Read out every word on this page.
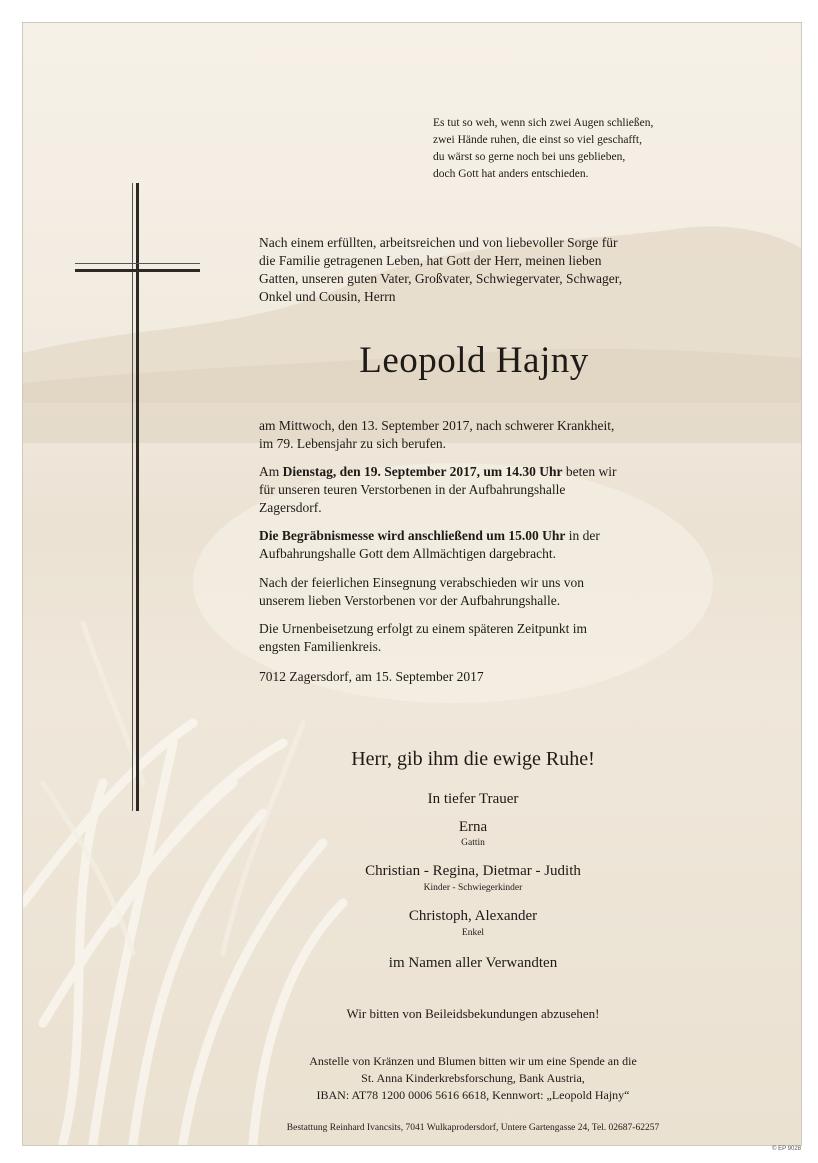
Es tut so weh, wenn sich zwei Augen schließen,
zwei Hände ruhen, die einst so viel geschafft,
du wärst so gerne noch bei uns geblieben,
doch Gott hat anders entschieden.
Nach einem erfüllten, arbeitsreichen und von liebevoller Sorge für
die Familie getragenen Leben, hat Gott der Herr, meinen lieben
Gatten, unseren guten Vater, Großvater, Schwiegervater, Schwager,
Onkel und Cousin, Herrn
Leopold Hajny
am Mittwoch, den 13. September 2017, nach schwerer Krankheit,
im 79. Lebensjahr zu sich berufen.
Am Dienstag, den 19. September 2017, um 14.30 Uhr beten wir
für unseren teuren Verstorbenen in der Aufbahrungshalle
Zagersdorf.
Die Begräbnismesse wird anschließend um 15.00 Uhr in der
Aufbahrungshalle Gott dem Allmächtigen dargebracht.
Nach der feierlichen Einsegnung verabschieden wir uns von
unserem lieben Verstorbenen vor der Aufbahrungshalle.
Die Urnenbeisetzung erfolgt zu einem späteren Zeitpunkt im
engsten Familienkreis.
7012 Zagersdorf, am 15. September 2017
Herr, gib ihm die ewige Ruhe!
In tiefer Trauer
Erna
Gattin
Christian - Regina, Dietmar - Judith
Kinder - Schwiegerkinder
Christoph, Alexander
Enkel
im Namen aller Verwandten
Wir bitten von Beileidsbekundungen abzusehen!
Anstelle von Kränzen und Blumen bitten wir um eine Spende an die
St. Anna Kinderkrebsforschung, Bank Austria,
IBAN: AT78 1200 0006 5616 6618, Kennwort: „Leopold Hajny“
Bestattung Reinhard Ivancsits, 7041 Wulkaprodersdorf, Untere Gartengasse 24, Tel. 02687-62257
© EP 9028
